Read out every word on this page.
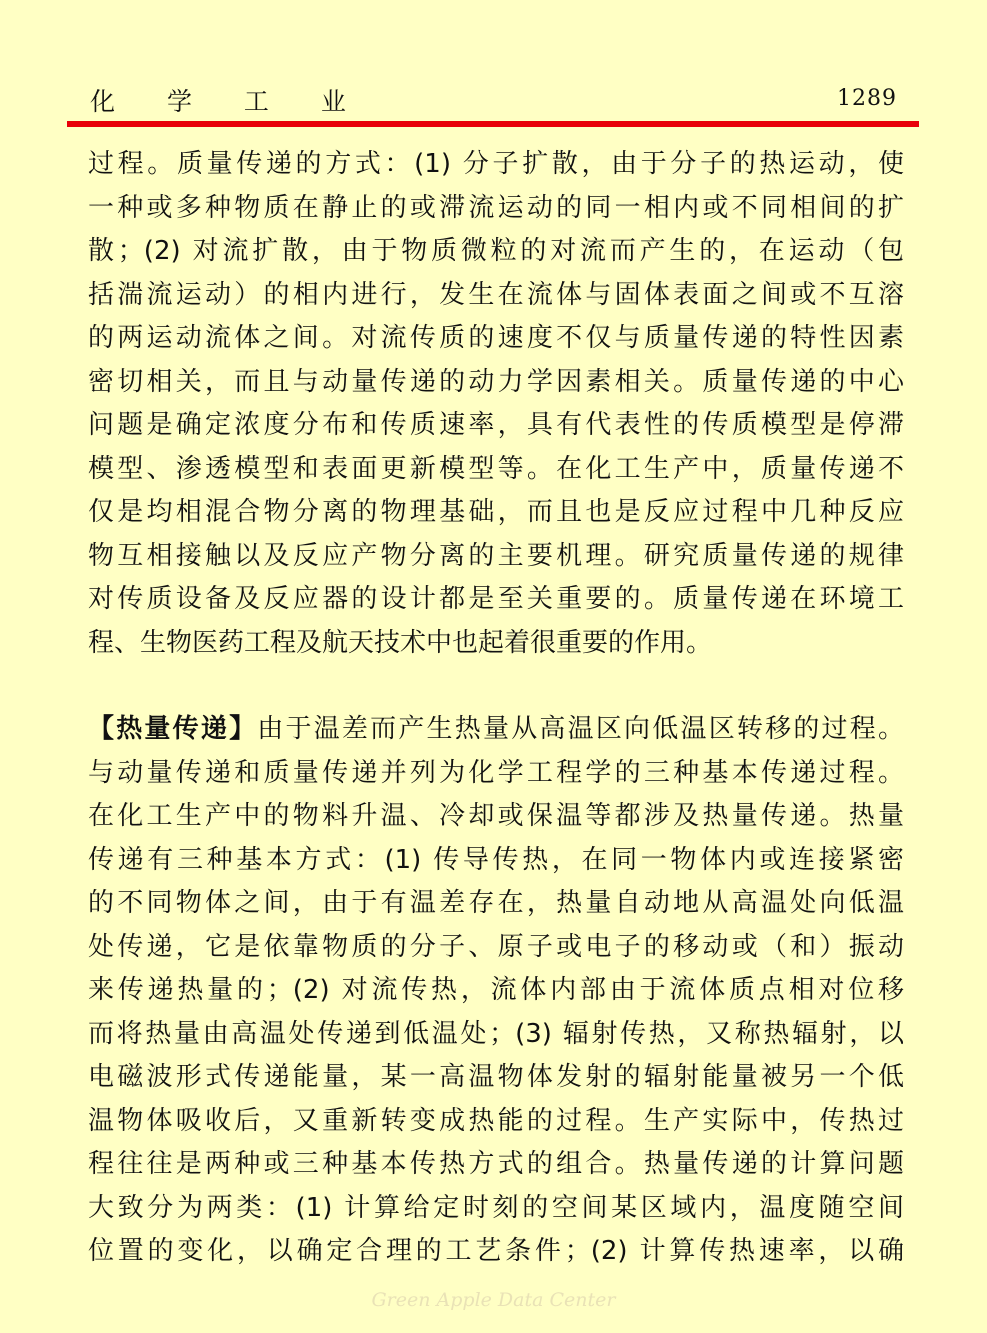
化 学 工 业	1289
过程。质量传递的方式：(1) 分子扩散，由于分子的热运动，使
一种或多种物质在静止的或滞流运动的同一相内或不同相间的扩
散；(2) 对流扩散，由于物质微粒的对流而产生的，在运动（包
括湍流运动）的相内进行，发生在流体与固体表面之间或不互溶
的两运动流体之间。对流传质的速度不仅与质量传递的特性因素
密切相关，而且与动量传递的动力学因素相关。质量传递的中心
问题是确定浓度分布和传质速率，具有代表性的传质模型是停滞
模型、渗透模型和表面更新模型等。在化工生产中，质量传递不
仅是均相混合物分离的物理基础，而且也是反应过程中几种反应
物互相接触以及反应产物分离的主要机理。研究质量传递的规律
对传质设备及反应器的设计都是至关重要的。质量传递在环境工
程、生物医药工程及航天技术中也起着很重要的作用。
【热量传递】由于温差而产生热量从高温区向低温区转移的过程。
与动量传递和质量传递并列为化学工程学的三种基本传递过程。
在化工生产中的物料升温、冷却或保温等都涉及热量传递。热量
传递有三种基本方式：(1) 传导传热，在同一物体内或连接紧密
的不同物体之间，由于有温差存在，热量自动地从高温处向低温
处传递，它是依靠物质的分子、原子或电子的移动或（和）振动
来传递热量的；(2) 对流传热，流体内部由于流体质点相对位移
而将热量由高温处传递到低温处；(3) 辐射传热，又称热辐射，以
电磁波形式传递能量，某一高温物体发射的辐射能量被另一个低
温物体吸收后，又重新转变成热能的过程。生产实际中，传热过
程往往是两种或三种基本传热方式的组合。热量传递的计算问题
大致分为两类：(1) 计算给定时刻的空间某区域内，温度随空间
位置的变化，以确定合理的工艺条件；(2) 计算传热速率，以确
Green Apple Data Center
